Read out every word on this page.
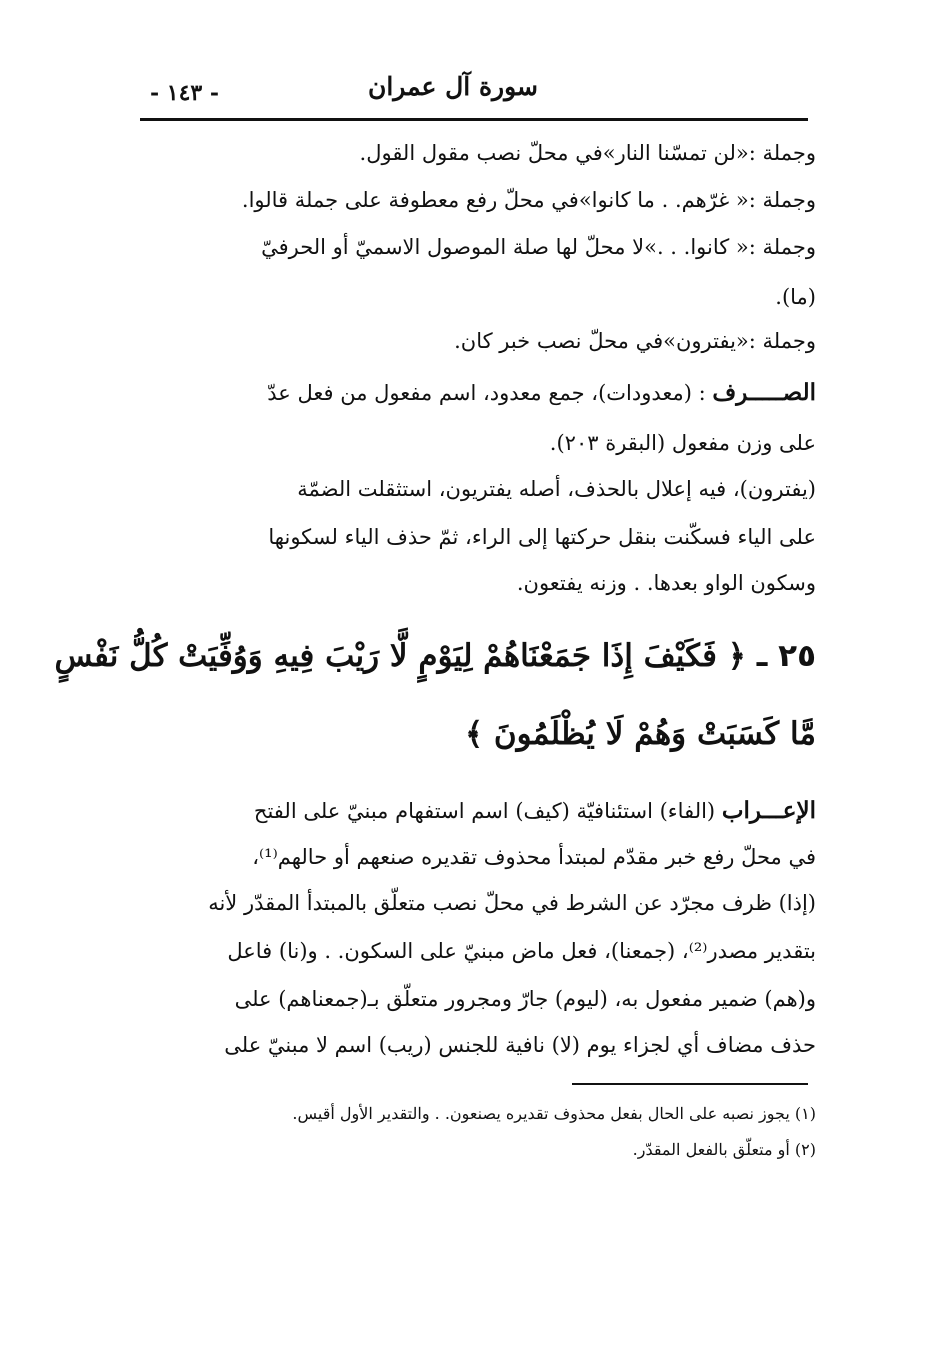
سورة آل عمران
- ١٤٣ -
وجملة :«لن تمسّنا النار»في محلّ نصب مقول القول.
وجملة :« غرّهم. . ما كانوا»في محلّ رفع معطوفة على جملة قالوا.
وجملة :« كانوا. . .»لا محلّ لها صلة الموصول الاسميّ أو الحرفيّ
(ما).
وجملة :«يفترون»في محلّ نصب خبر كان.
الصـــــرف : (معدودات)، جمع معدود، اسم مفعول من فعل عدّ
على وزن مفعول (البقرة ٢٠٣).
(يفترون)، فيه إعلال بالحذف، أصله يفتريون، استثقلت الضمّة
على الياء فسكّنت بنقل حركتها إلى الراء، ثمّ حذف الياء لسكونها
وسكون الواو بعدها. . وزنه يفتعون.
٢٥ ـ ﴿ فَكَيْفَ إِذَا جَمَعْنَاهُمْ لِيَوْمٍ لَّا رَيْبَ فِيهِ وَوُفِّيَتْ كُلُّ نَفْسٍ
مَّا كَسَبَتْ وَهُمْ لَا يُظْلَمُونَ ﴾
الإعـــراب (الفاء) استئنافيّة (كيف) اسم استفهام مبنيّ على الفتح
في محلّ رفع خبر مقدّم لمبتدأ محذوف تقديره صنعهم أو حالهم⁽¹⁾،
(إذا) ظرف مجرّد عن الشرط في محلّ نصب متعلّق بالمبتدأ المقدّر لأنه
بتقدير مصدر⁽²⁾، (جمعنا)، فعل ماض مبنيّ على السكون. . و(نا) فاعل
و(هم) ضمير مفعول به، (ليوم) جارّ ومجرور متعلّق بـ(جمعناهم) على
حذف مضاف أي لجزاء يوم (لا) نافية للجنس (ريب) اسم لا مبنيّ على
(١) يجوز نصبه على الحال بفعل محذوف تقديره يصنعون. . والتقدير الأول أقيس.
(٢) أو متعلّق بالفعل المقدّر.
